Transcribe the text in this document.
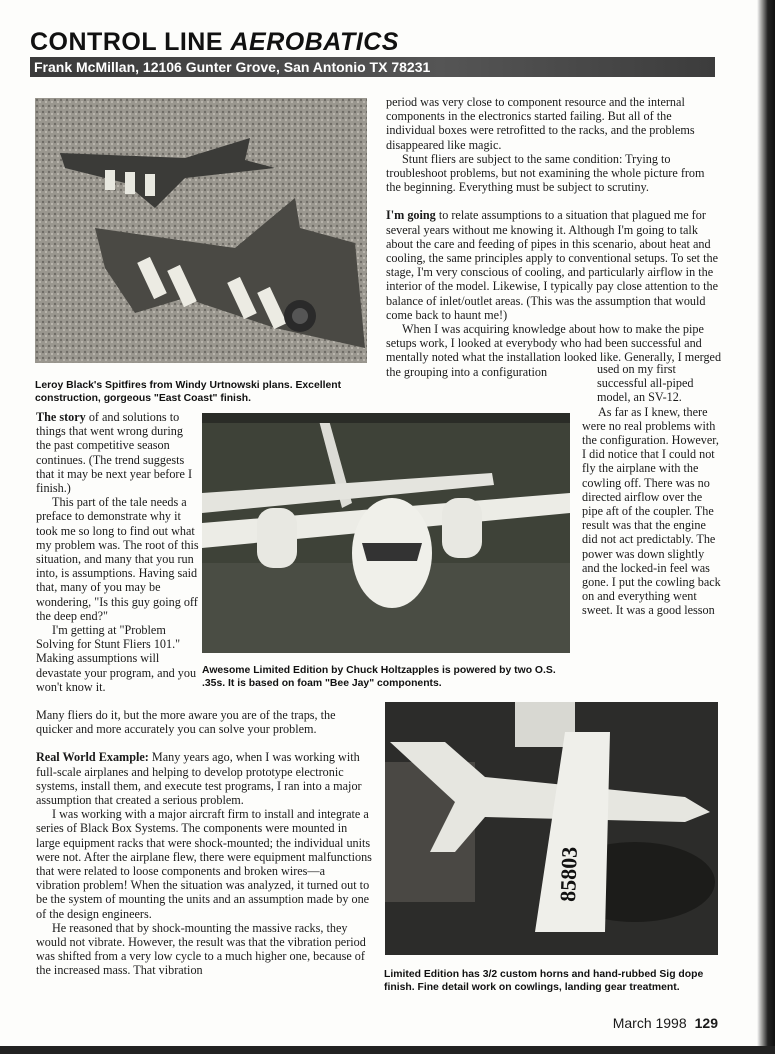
CONTROL LINE AEROBATICS
Frank McMillan, 12106 Gunter Grove, San Antonio TX 78231
Leroy Black's Spitfires from Windy Urtnowski plans. Excellent construction, gorgeous "East Coast" finish.

period was very close to component resource and the internal components in the electronics started failing. But all of the individual boxes were retrofitted to the racks, and the problems disappeared like magic.

Stunt fliers are subject to the same condition: Trying to troubleshoot problems, but not examining the whole picture from the beginning. Everything must be subject to scrutiny.

I'm going to relate assumptions to a situation that plagued me for several years without me knowing it. Although I'm going to talk about the care and feeding of pipes in this scenario, about heat and cooling, the same principles apply to conventional setups. To set the stage, I'm very conscious of cooling, and particularly airflow in the interior of the model. Likewise, I typically pay close attention to the balance of inlet/outlet areas. (This was the assumption that would come back to haunt me!)

When I was acquiring knowledge about how to make the pipe setups work, I looked at everybody who had been successful and mentally noted what the installation looked like. Generally, I merged the grouping into a configuration	used on my first successful all-piped model, an SV-12.

As far as I knew, there were no real problems with the configuration. However, I did notice that I could not fly the airplane with the cowling off. There was no directed airflow over the pipe aft of the coupler. The result was that the engine did not act predictably. The power was down slightly and the locked-in feel was gone. I put the cowling back on and everything went sweet. It was a good lesson

The story of and solutions to things that went wrong during the past competitive season continues. (The trend suggests that it may be next year before I finish.)

This part of the tale needs a preface to demonstrate why it took me so long to find out what my problem was. The root of this situation, and many that you run into, is assumptions. Having said that, many of you may be wondering, "Is this guy going off the deep end?"

I'm getting at "Problem Solving for Stunt Fliers 101." Making assumptions will devastate your program, and you won't know it.

Awesome Limited Edition by Chuck Holtzapples is powered by two O.S. .35s. It is based on foam "Bee Jay" components.

Many fliers do it, but the more aware you are of the traps, the quicker and more accurately you can solve your problem.

Real World Example: Many years ago, when I was working with full-scale airplanes and helping to develop prototype electronic systems, install them, and execute test programs, I ran into a major assumption that created a serious problem.

I was working with a major aircraft firm to install and integrate a series of Black Box Systems. The components were mounted in large equipment racks that were shock-mounted; the individual units were not. After the airplane flew, there were equipment malfunctions that were related to loose components and broken wires—a vibration problem! When the situation was analyzed, it turned out to be the system of mounting the units and an assumption made by one of the design engineers.

He reasoned that by shock-mounting the massive racks, they would not vibrate. However, the result was that the vibration period was shifted from a very low cycle to a much higher one, because of the increased mass. That vibration

85803
Limited Edition has 3/2 custom horns and hand-rubbed Sig dope finish. Fine detail work on cowlings, landing gear treatment.
March 1998 129
